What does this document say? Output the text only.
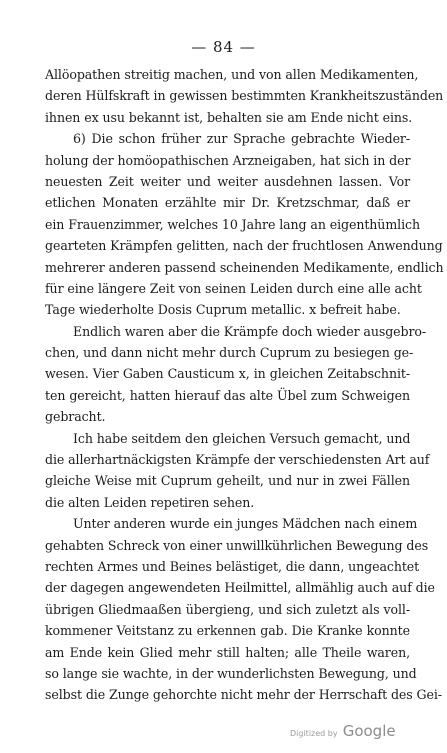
— 84 —
Allöopathen streitig machen, und von allen Medikamenten,
deren Hülfskraft in gewissen bestimmten Krankheitszuständen
ihnen ex usu bekannt ist, behalten sie am Ende nicht eins.
6) Die schon früher zur Sprache gebrachte Wieder-
holung der homöopathischen Arzneigaben, hat sich in der
neuesten Zeit weiter und weiter ausdehnen lassen. Vor
etlichen Monaten erzählte mir Dr. Kretzschmar, daß er
ein Frauenzimmer, welches 10 Jahre lang an eigenthümlich
gearteten Krämpfen gelitten, nach der fruchtlosen Anwendung
mehrerer anderen passend scheinenden Medikamente, endlich
für eine längere Zeit von seinen Leiden durch eine alle acht
Tage wiederholte Dosis Cuprum metallic. x befreit habe.
Endlich waren aber die Krämpfe doch wieder ausgebro-
chen, und dann nicht mehr durch Cuprum zu besiegen ge-
wesen. Vier Gaben Causticum x, in gleichen Zeitabschnit-
ten gereicht, hatten hierauf das alte Übel zum Schweigen
gebracht.
Ich habe seitdem den gleichen Versuch gemacht, und
die allerhartnäckigsten Krämpfe der verschiedensten Art auf
gleiche Weise mit Cuprum geheilt, und nur in zwei Fällen
die alten Leiden repetiren sehen.
Unter anderen wurde ein junges Mädchen nach einem
gehabten Schreck von einer unwillkührlichen Bewegung des
rechten Armes und Beines belästiget, die dann, ungeachtet
der dagegen angewendeten Heilmittel, allmählig auch auf die
übrigen Gliedmaaßen übergieng, und sich zuletzt als voll-
kommener Veitstanz zu erkennen gab. Die Kranke konnte
am Ende kein Glied mehr still halten; alle Theile waren,
so lange sie wachte, in der wunderlichsten Bewegung, und
selbst die Zunge gehorchte nicht mehr der Herrschaft des Gei-
Digitized by Google
